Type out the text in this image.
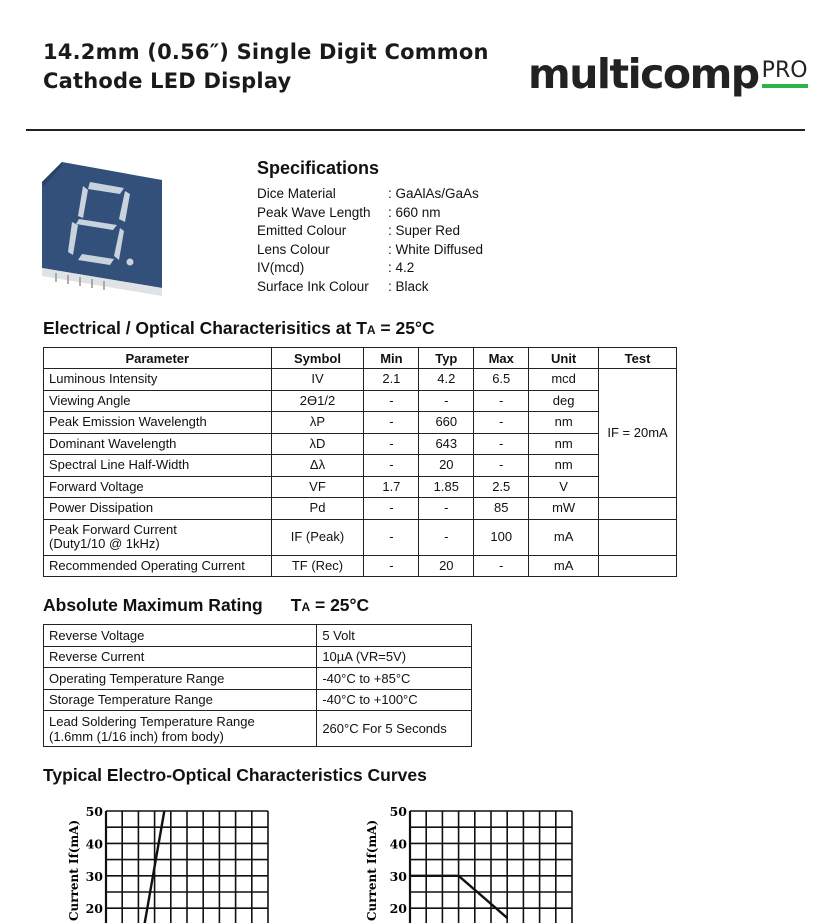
14.2mm (0.56″) Single Digit Common
Cathode LED Display	multicomp PRO
Specifications
Dice Material	: GaAlAs/GaAs
Peak Wave Length : 660 nm
Emitted Colour	: Super Red
Lens Colour	: White Diffused
IV(mcd)	: 4.2
Surface Ink Colour : Black
Electrical / Optical Characterisitics at TA = 25°C
Parameter	Symbol	Min	Typ	Max	Unit	Test
Luminous Intensity	IV	2.1	4.2	6.5	mcd	IF = 20mA
Viewing Angle	2ϴ1/2	-	-	-	deg	
Peak Emission Wavelength	λP	-	660	-	nm	
Dominant Wavelength	λD	-	643	-	nm	
Spectral Line Half-Width	Δλ	-	20	-	nm	
Forward Voltage	VF	1.7	1.85	2.5	V	
Power Dissipation	Pd	-	-	85	mW	
Peak Forward Current
(Duty1/10 @ 1kHz)	IF (Peak)	-	-	100	mA	
Recommended Operating Current	TF (Rec)	-	20	-	mA	
Absolute Maximum Rating TA = 25°C
Reverse Voltage	5 Volt
Reverse Current	10µA (VR=5V)
Operating Temperature Range	-40°C to +85°C
Storage Temperature Range	-40°C to +100°C
Lead Soldering Temperature Range
(1.6mm (1/16 inch) from body)	260°C For 5 Seconds
Typical Electro-Optical Characteristics Curves
50
40
30
20
Current If(mA)
50
40
30
20
Current If(mA)
